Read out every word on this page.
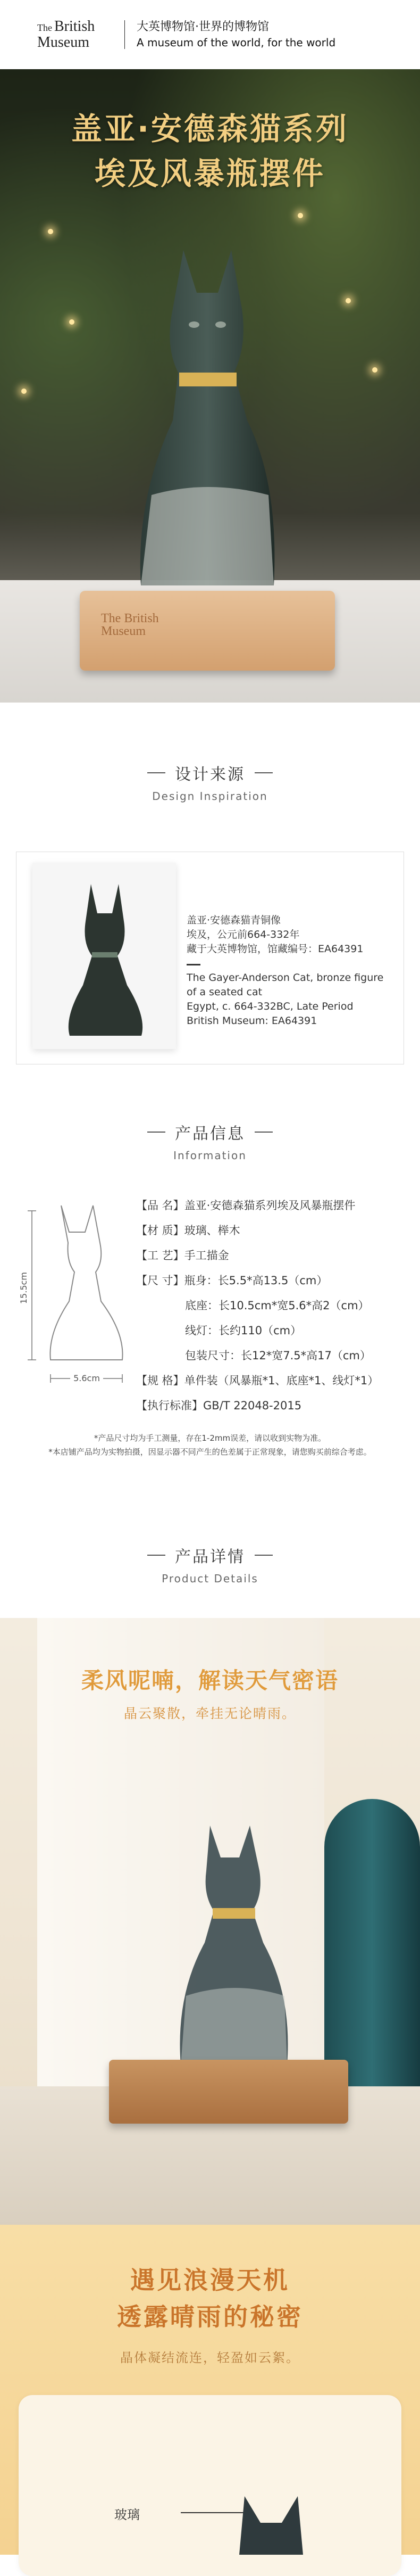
The British
Museum
大英博物馆·世界的博物馆
A museum of the world, for the world
盖亚·安德森猫系列
埃及风暴瓶摆件
The British
Museum
设计来源
Design Inspiration
盖亚·安德森猫青铜像
埃及，公元前664-332年
藏于大英博物馆，馆藏编号：EA64391
The Gayer-Anderson Cat, bronze figure
of a seated cat
Egypt, c. 664-332BC, Late Period
British Museum: EA64391
产品信息
Information
15.5cm
5.6cm
【品 名】盖亚·安德森猫系列埃及风暴瓶摆件
【材 质】玻璃、榉木
【工 艺】手工描金
【尺 寸】瓶身：长5.5*高13.5（cm）
底座：长10.5cm*宽5.6*高2（cm）
线灯：长约110（cm）
包装尺寸：长12*宽7.5*高17（cm）
【规 格】单件装（风暴瓶*1、底座*1、线灯*1）
【执行标准】GB/T 22048-2015
*产品尺寸均为手工测量，存在1-2mm误差，请以收到实物为准。
*本店铺产品均为实物拍摄，因显示器不同产生的色差属于正常现象，请您购买前综合考虑。
产品详情
Product Details
柔风呢喃，解读天气密语
晶云聚散，牵挂无论晴雨。
遇见浪漫天机
透露晴雨的秘密
晶体凝结流连，轻盈如云絮。
玻璃
